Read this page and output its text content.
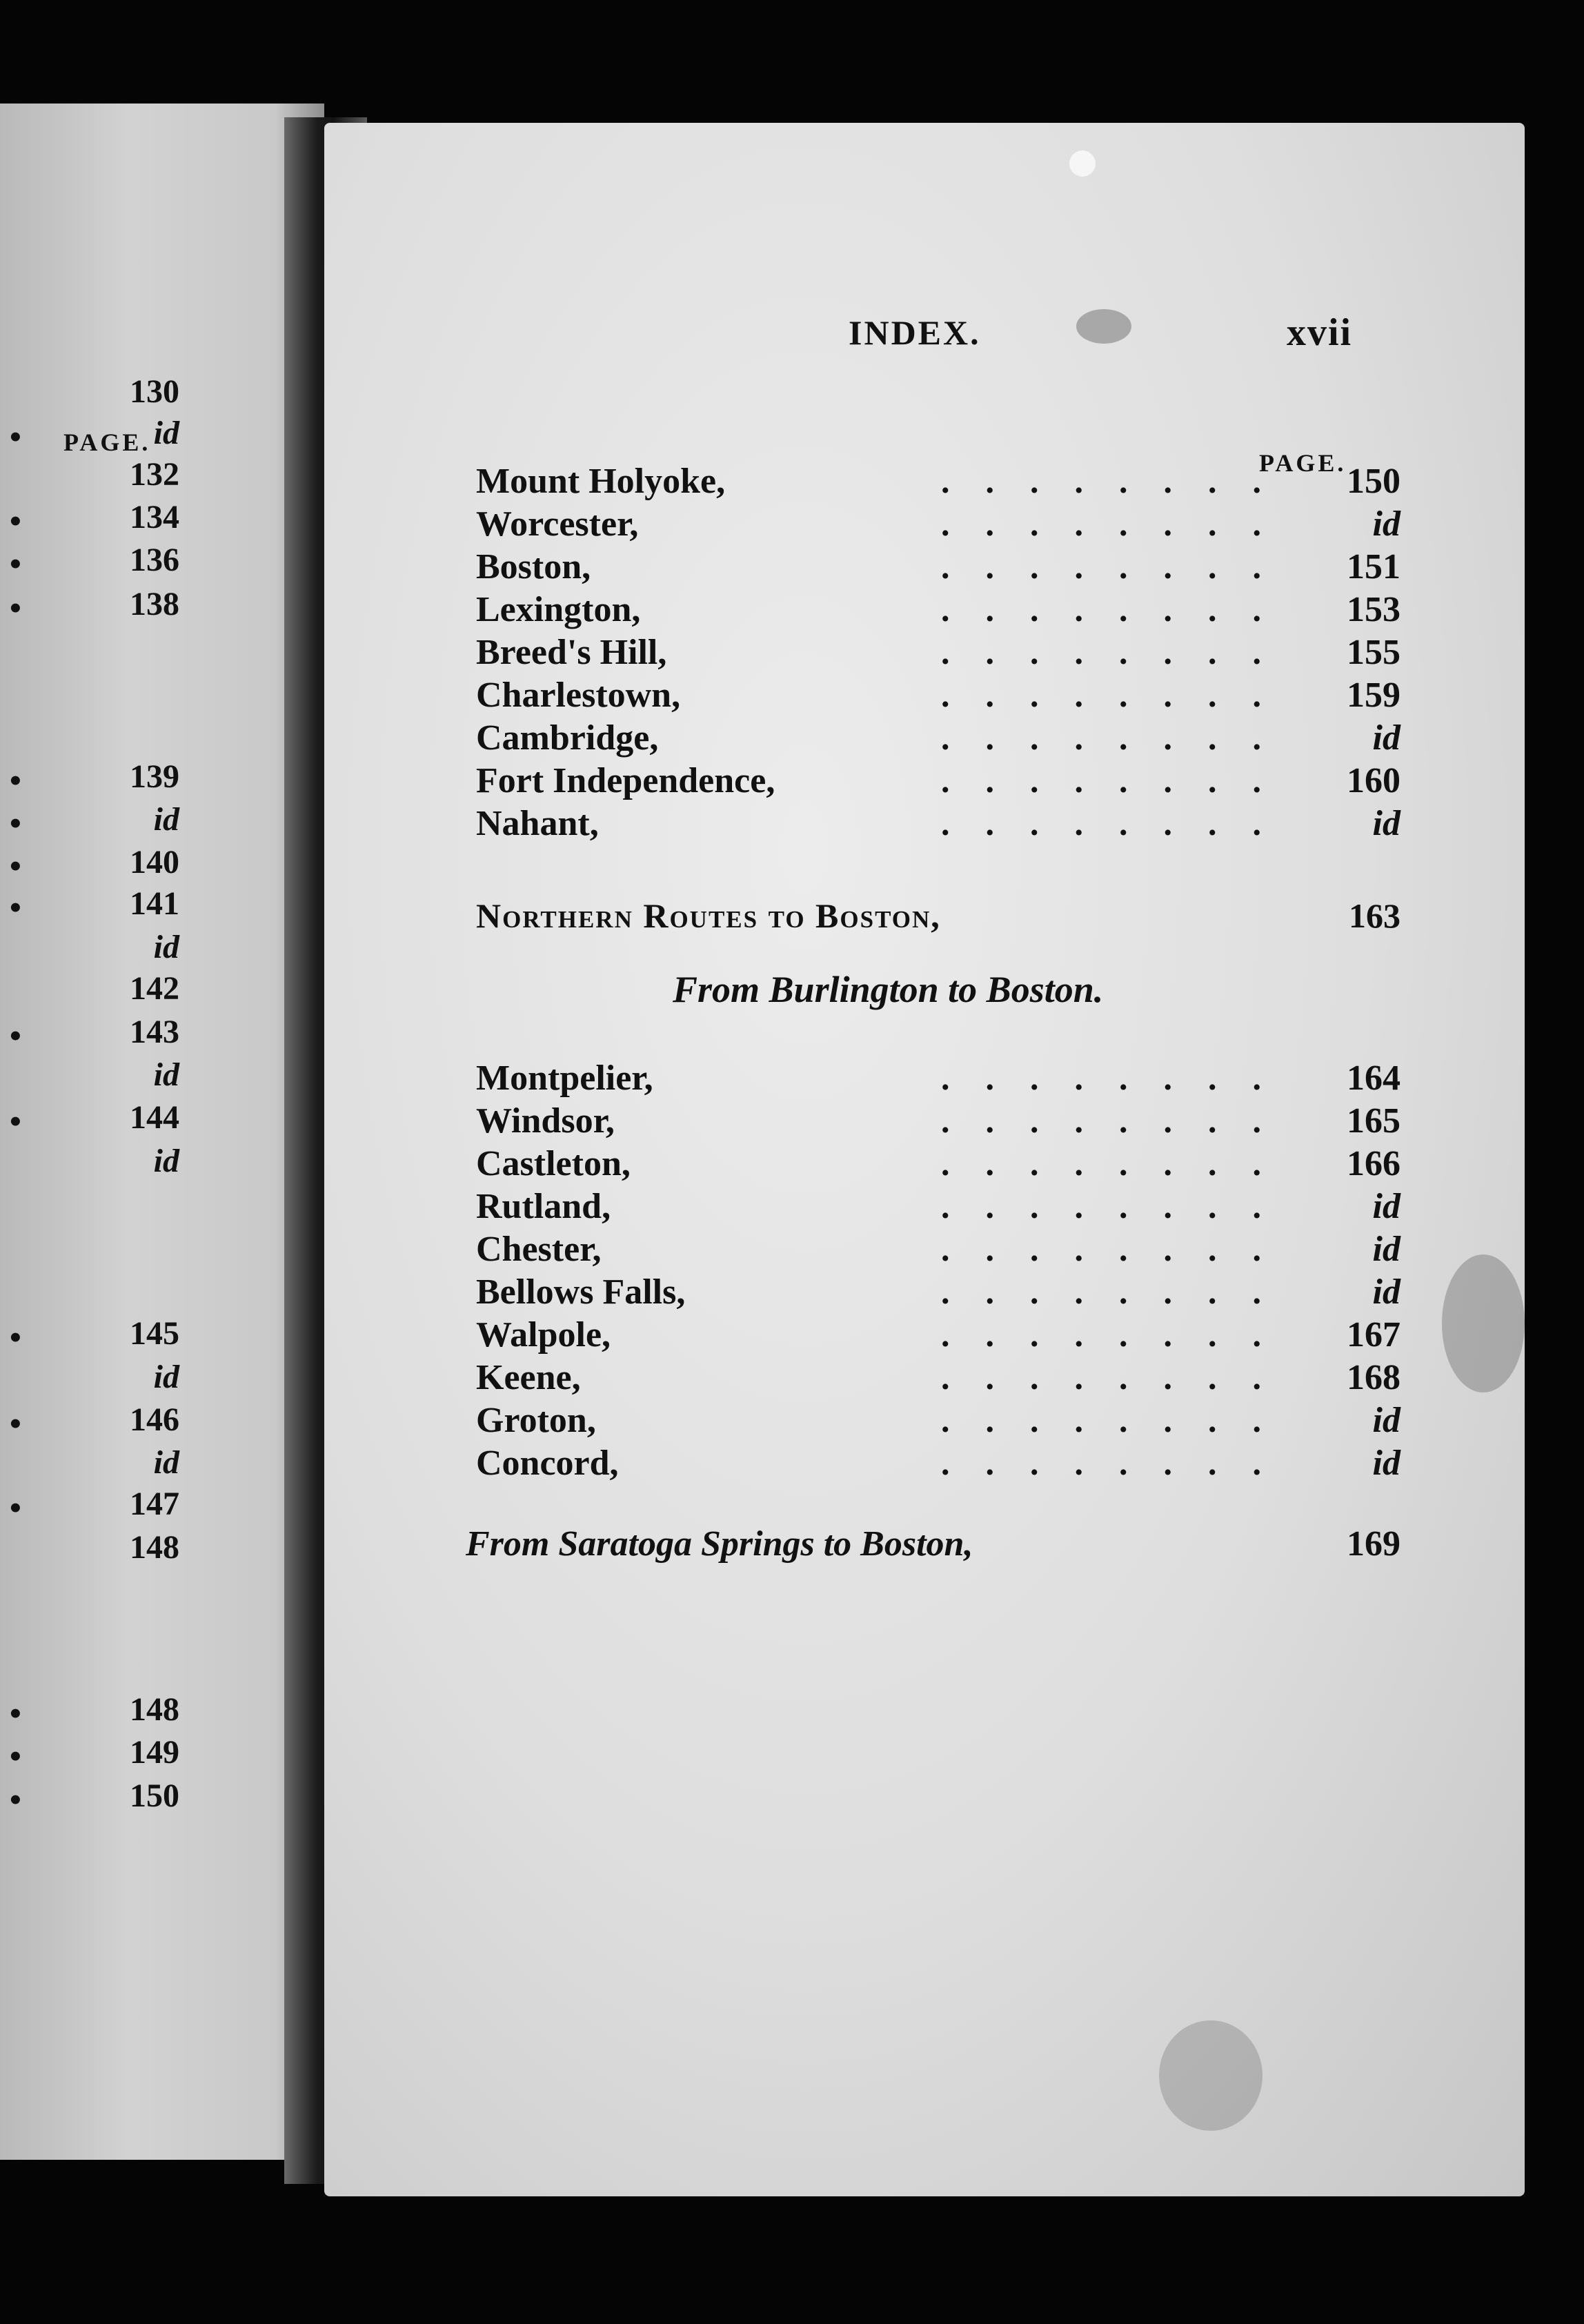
PAGE.
130
•	id
132
•	134
•	136
•	138
•	139
•	id
•	140
•	141
id
142
•	143
id
•	144
id
•	145
id
•	146
id
•	147
148
•	148
•	149
•	150
INDEX.	xvii
PAGE.
Mount Holyoke,	........ 150
Worcester,	........ id
Boston,	........ 151
Lexington,	........ 153
Breed's Hill,	........ 155
Charlestown,	........ 159
Cambridge,	........ id
Fort Independence,	........ 160
Nahant,	........ id
Northern Routes to Boston,	163
From Burlington to Boston.
Montpelier,	........ 164
Windsor,	........ 165
Castleton,	........ 166
Rutland,	........ id
Chester,	........ id
Bellows Falls,	........ id
Walpole,	........ 167
Keene,	........ 168
Groton,	........ id
Concord,	........ id
From Saratoga Springs to Boston,	169
